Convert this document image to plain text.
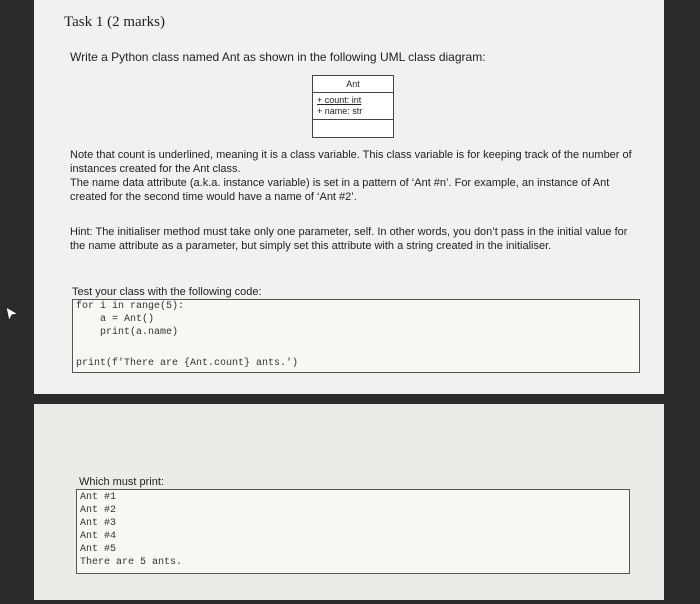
Task 1 (2 marks)
Write a Python class named Ant as shown in the following UML class diagram:
Ant
+ count: int
+ name: str
Note that count is underlined, meaning it is a class variable. This class variable is for keeping track of the number of instances created for the Ant class.
The name data attribute (a.k.a. instance variable) is set in a pattern of ‘Ant #n’. For example, an instance of Ant created for the second time would have a name of ‘Ant #2’.
Hint: The initialiser method must take only one parameter, self. In other words, you don’t pass in the initial value for the name attribute as a parameter, but simply set this attribute with a string created in the initialiser.
Test your class with the following code:
for i in range(5):
a = Ant()
print(a.name)
print(f'There are {Ant.count} ants.')
Which must print:
Ant #1
Ant #2
Ant #3
Ant #4
Ant #5
There are 5 ants.
